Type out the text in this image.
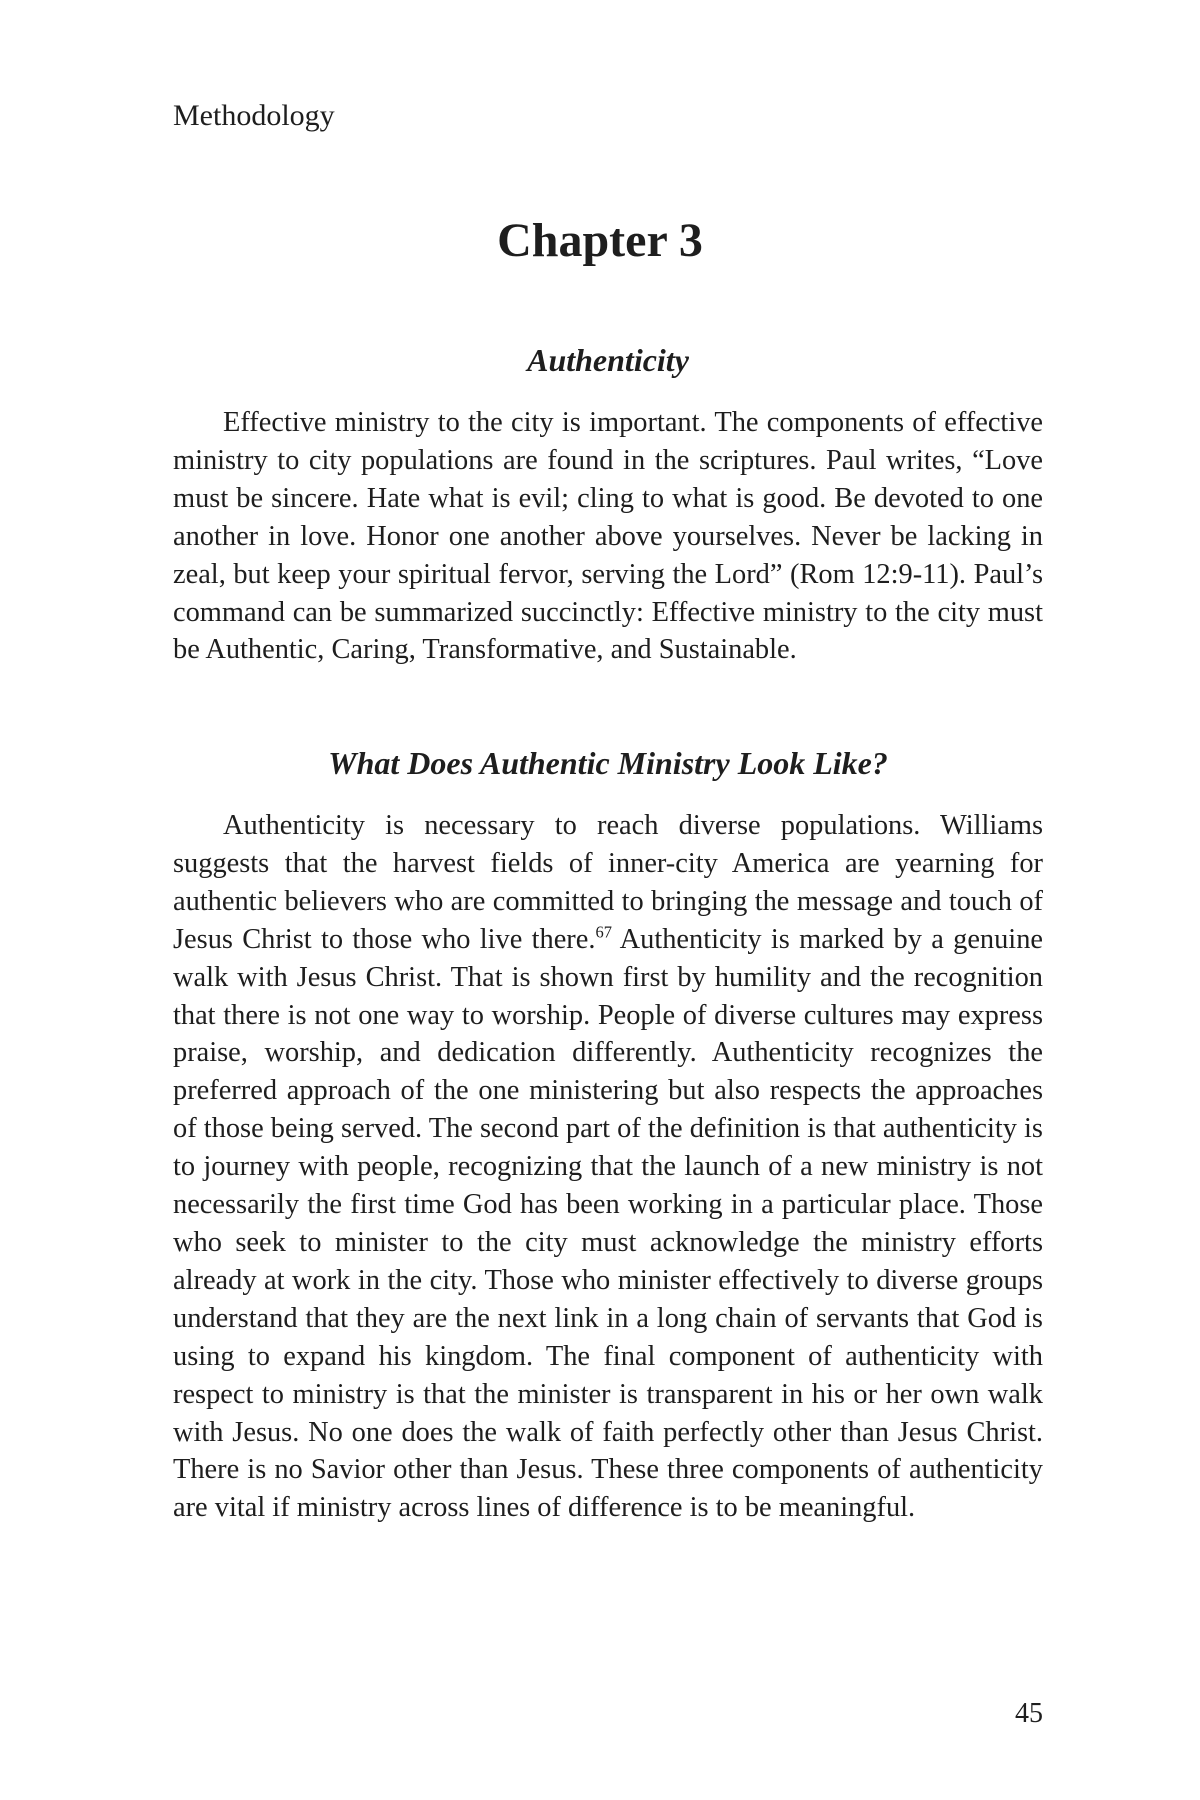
Methodology
Chapter 3
Authenticity

Effective ministry to the city is important. The components of effective ministry to city populations are found in the scriptures. Paul writes, “Love must be sincere. Hate what is evil; cling to what is good. Be devoted to one another in love. Honor one another above yourselves. Never be lacking in zeal, but keep your spiritual fervor, serving the Lord” (Rom 12:9-11). Paul’s command can be summarized succinctly: Effective ministry to the city must be Authentic, Caring, Transformative, and Sustainable.

What Does Authentic Ministry Look Like?

Authenticity is necessary to reach diverse populations. Williams suggests that the harvest fields of inner-city America are yearning for authentic believers who are committed to bringing the message and touch of Jesus Christ to those who live there.$^{67}$ Authenticity is marked by a genuine walk with Jesus Christ. That is shown first by humility and the recognition that there is not one way to worship. People of diverse cultures may express praise, worship, and dedication differently. Authenticity recognizes the preferred approach of the one ministering but also respects the approaches of those being served. The second part of the definition is that authenticity is to journey with people, recognizing that the launch of a new ministry is not necessarily the first time God has been working in a particular place. Those who seek to minister to the city must acknowledge the ministry efforts already at work in the city. Those who minister effectively to diverse groups understand that they are the next link in a long chain of servants that God is using to expand his kingdom. The final component of authenticity with respect to ministry is that the minister is transparent in his or her own walk with Jesus. No one does the walk of faith perfectly other than Jesus Christ. There is no Savior other than Jesus. These three components of authenticity are vital if ministry across lines of difference is to be meaningful.

45
